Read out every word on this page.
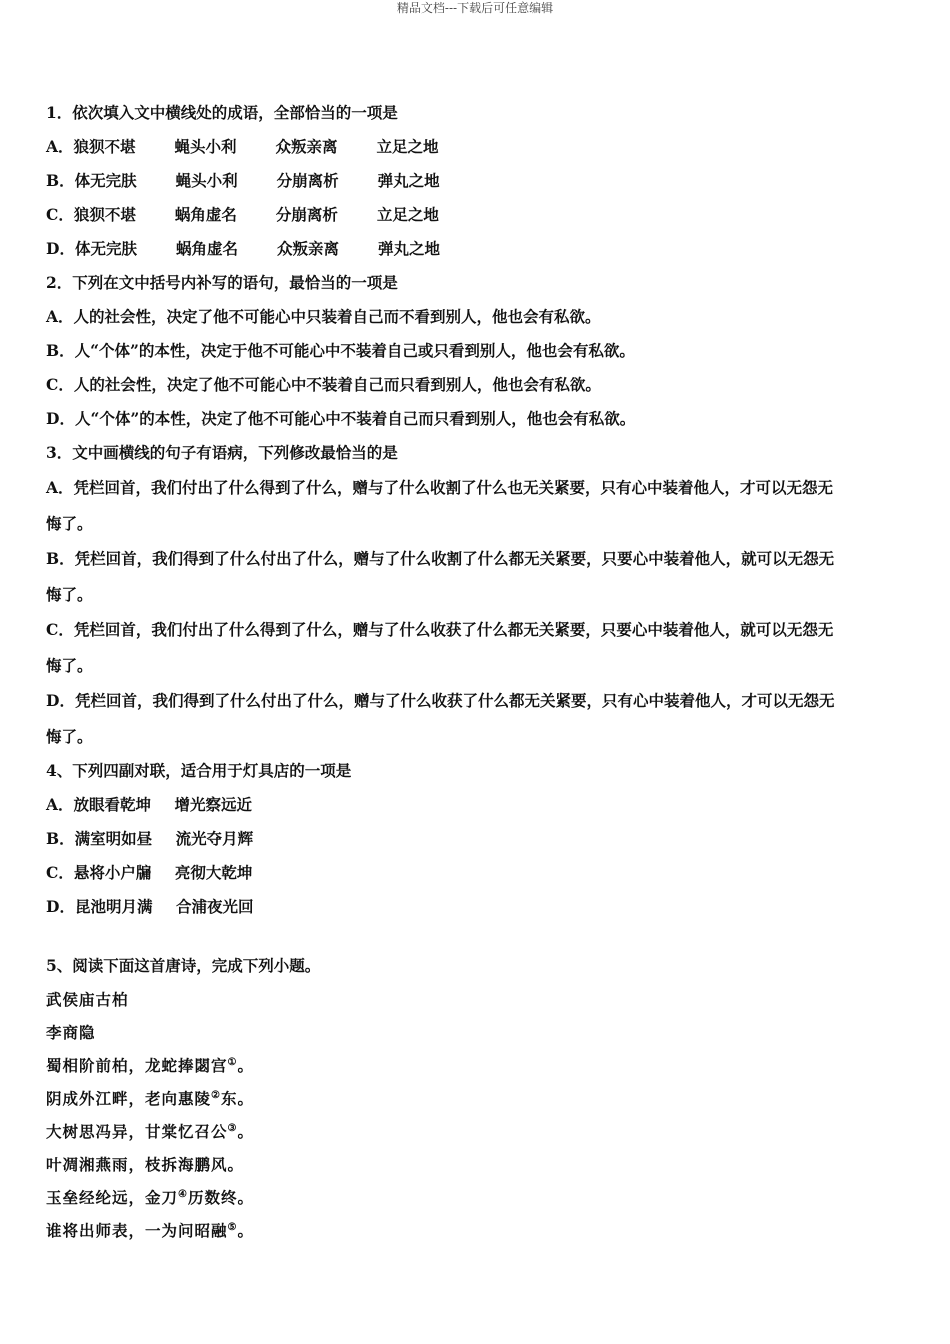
精品文档---下载后可任意编辑
1．依次填入文中横线处的成语，全部恰当的一项是
A．狼狈不堪	蝇头小利	众叛亲离	立足之地
B．体无完肤	蝇头小利	分崩离析	弹丸之地
C．狼狈不堪	蜗角虚名	分崩离析	立足之地
D．体无完肤	蜗角虚名	众叛亲离	弹丸之地
2．下列在文中括号内补写的语句，最恰当的一项是
A．人的社会性，决定了他不可能心中只装着自己而不看到别人，他也会有私欲。
B．人“个体”的本性，决定于他不可能心中不装着自己或只看到别人，他也会有私欲。
C．人的社会性，决定了他不可能心中不装着自己而只看到别人，他也会有私欲。
D．人“个体”的本性，决定了他不可能心中不装着自己而只看到别人，他也会有私欲。
3．文中画横线的句子有语病，下列修改最恰当的是
A．凭栏回首，我们付出了什么得到了什么，赠与了什么收割了什么也无关紧要，只有心中装着他人，才可以无怨无
悔了。
B．凭栏回首，我们得到了什么付出了什么，赠与了什么收割了什么都无关紧要，只要心中装着他人，就可以无怨无
悔了。
C．凭栏回首，我们付出了什么得到了什么，赠与了什么收获了什么都无关紧要，只要心中装着他人，就可以无怨无
悔了。
D．凭栏回首，我们得到了什么付出了什么，赠与了什么收获了什么都无关紧要，只有心中装着他人，才可以无怨无
悔了。
4、下列四副对联，适合用于灯具店的一项是
A．放眼看乾坤 增光察远近
B．满室明如昼 流光夺月辉
C．悬将小户牖 亮彻大乾坤
D．昆池明月满 合浦夜光回
5、阅读下面这首唐诗，完成下列小题。
武侯庙古柏
李商隐
蜀相阶前柏，龙蛇捧閟宫①。
阴成外江畔，老向惠陵②东。
大树思冯异，甘棠忆召公③。
叶凋湘燕雨，枝拆海鹏风。
玉垒经纶远，金刀④历数终。
谁将出师表，一为问昭融⑤。
